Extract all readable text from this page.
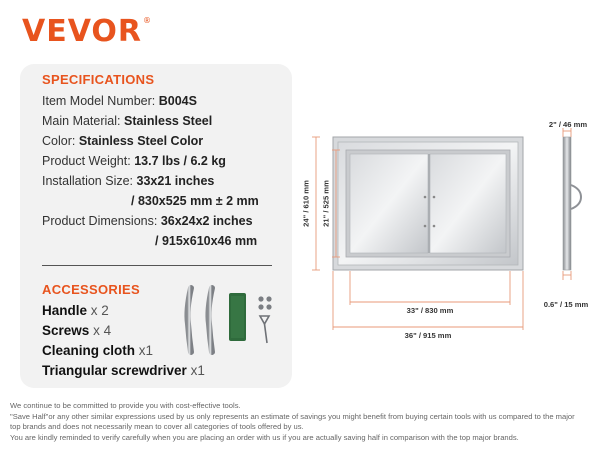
VEVOR®
SPECIFICATIONS
Item Model Number: B004S
Main Material: Stainless Steel
Color: Stainless Steel Color
Product Weight: 13.7 lbs / 6.2 kg
Installation Size: 33x21 inches
/ 830x525 mm ± 2 mm
Product Dimensions: 36x24x2 inches
/ 915x610x46 mm
ACCESSORIES
Handle x 2
Screws x 4
Cleaning cloth x1
Triangular screwdriver x1
24" / 610 mm 21" / 525 mm
33" / 830 mm
36" / 915 mm
2" / 46 mm
0.6" / 15 mm
We continue to be committed to provide you with cost-effective tools.
"Save Half"or any other similar expressions used by us only represents an estimate of savings you might benefit from buying certain tools with us compared to the major
top brands and does not necessarily mean to cover all categories of tools offered by us.
You are kindly reminded to verify carefully when you are placing an order with us if you are actually saving half in comparison with the top major brands.
